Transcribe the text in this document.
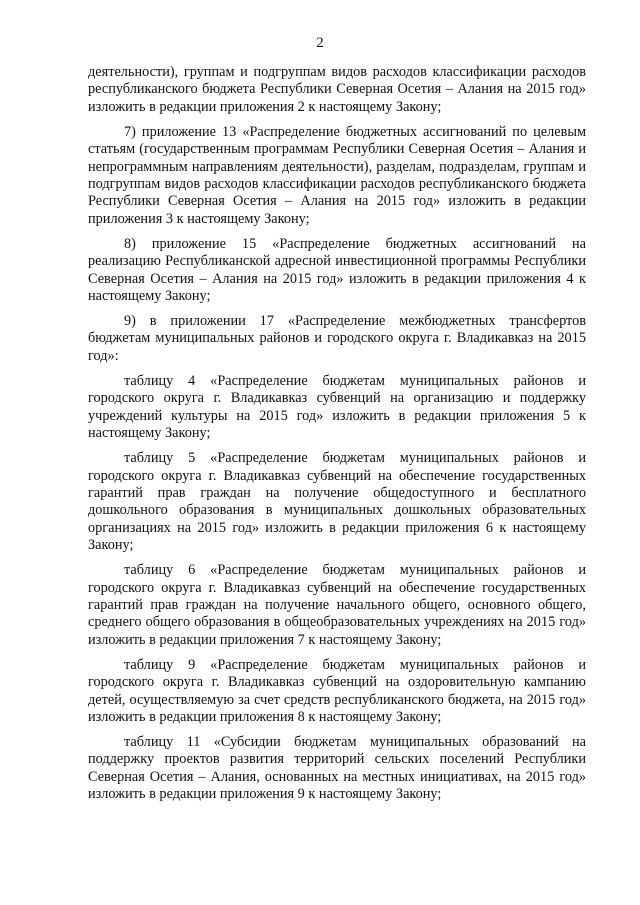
2

деятельности), группам и подгруппам видов расходов классификации расходов республиканского бюджета Республики Северная Осетия – Алания на 2015 год» изложить в редакции приложения 2 к настоящему Закону;

7) приложение 13 «Распределение бюджетных ассигнований по целевым статьям (государственным программам Республики Северная Осетия – Алания и непрограммным направлениям деятельности), разделам, подразделам, группам и подгруппам видов расходов классификации расходов республиканского бюджета Республики Северная Осетия – Алания на 2015 год» изложить в редакции приложения 3 к настоящему Закону;

8) приложение 15 «Распределение бюджетных ассигнований на реализацию Республиканской адресной инвестиционной программы Республики Северная Осетия – Алания на 2015 год» изложить в редакции приложения 4 к настоящему Закону;

9) в приложении 17 «Распределение межбюджетных трансфертов бюджетам муниципальных районов и городского округа г. Владикавказ на 2015 год»:

таблицу 4 «Распределение бюджетам муниципальных районов и городского округа г. Владикавказ субвенций на организацию и поддержку учреждений культуры на 2015 год» изложить в редакции приложения 5 к настоящему Закону;

таблицу 5 «Распределение бюджетам муниципальных районов и городского округа г. Владикавказ субвенций на обеспечение государственных гарантий прав граждан на получение общедоступного и бесплатного дошкольного образования в муниципальных дошкольных образовательных организациях на 2015 год» изложить в редакции приложения 6 к настоящему Закону;

таблицу 6 «Распределение бюджетам муниципальных районов и городского округа г. Владикавказ субвенций на обеспечение государственных гарантий прав граждан на получение начального общего, основного общего, среднего общего образования в общеобразовательных учреждениях на 2015 год» изложить в редакции приложения 7 к настоящему Закону;

таблицу 9 «Распределение бюджетам муниципальных районов и городского округа г. Владикавказ субвенций на оздоровительную кампанию детей, осуществляемую за счет средств республиканского бюджета, на 2015 год» изложить в редакции приложения 8 к настоящему Закону;

таблицу 11 «Субсидии бюджетам муниципальных образований на поддержку проектов развития территорий сельских поселений Республики Северная Осетия – Алания, основанных на местных инициативах, на 2015 год» изложить в редакции приложения 9 к настоящему Закону;
